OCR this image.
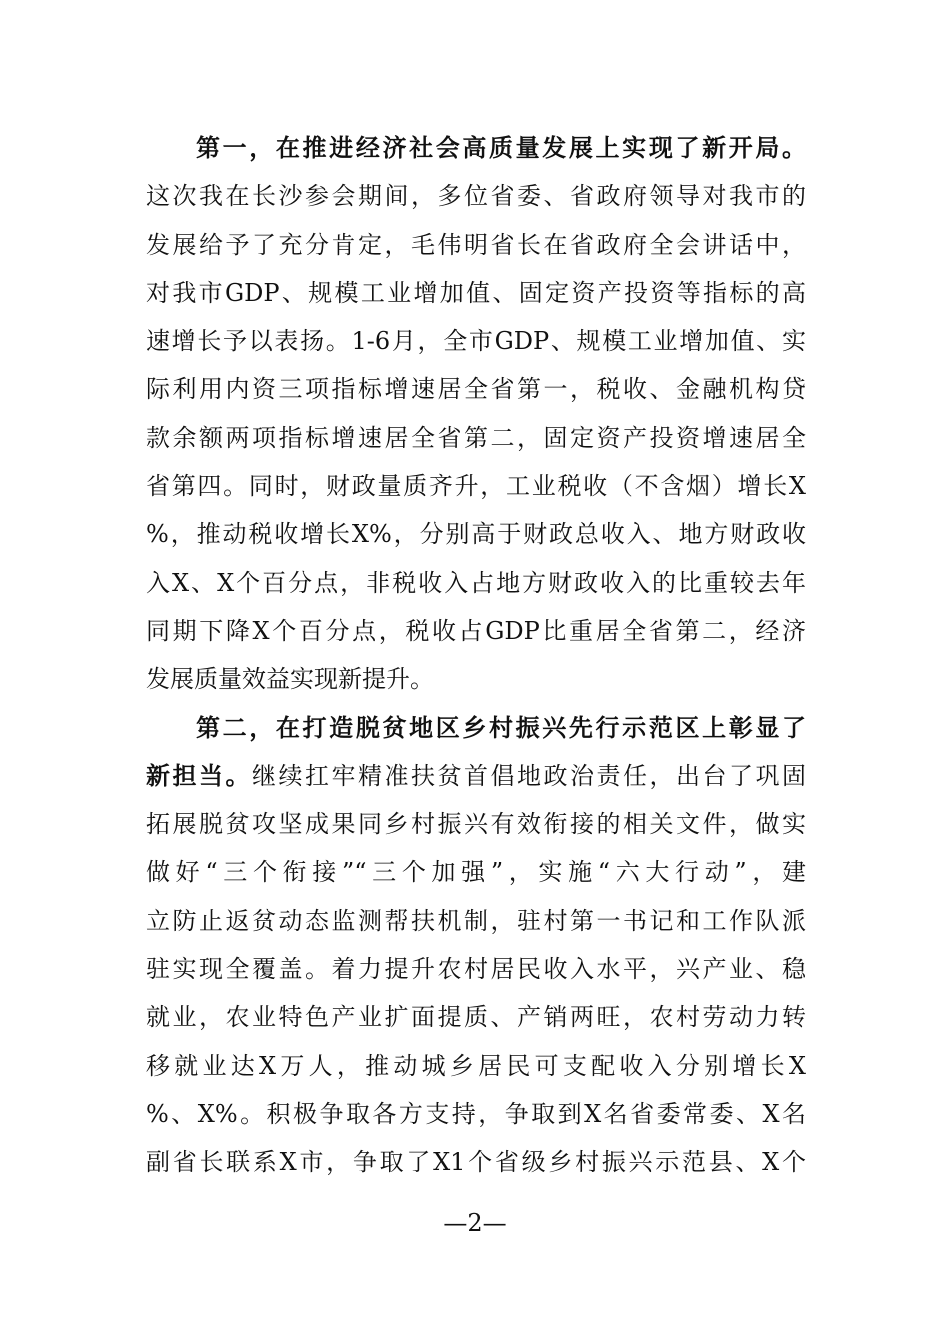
第一，在推进经济社会高质量发展上实现了新开局。
这次我在长沙参会期间，多位省委、省政府领导对我市的
发展给予了充分肯定，毛伟明省长在省政府全会讲话中，
对我市GDP、规模工业增加值、固定资产投资等指标的高
速增长予以表扬。1-6月，全市GDP、规模工业增加值、实
际利用内资三项指标增速居全省第一，税收、金融机构贷
款余额两项指标增速居全省第二，固定资产投资增速居全
省第四。同时，财政量质齐升，工业税收（不含烟）增长X
%，推动税收增长X%，分别高于财政总收入、地方财政收
入X、X个百分点，非税收入占地方财政收入的比重较去年
同期下降X个百分点，税收占GDP比重居全省第二，经济
发展质量效益实现新提升。
第二，在打造脱贫地区乡村振兴先行示范区上彰显了
新担当。继续扛牢精准扶贫首倡地政治责任，出台了巩固
拓展脱贫攻坚成果同乡村振兴有效衔接的相关文件，做实
做好“三个衔接”“三个加强”，实施“六大行动”，建
立防止返贫动态监测帮扶机制，驻村第一书记和工作队派
驻实现全覆盖。着力提升农村居民收入水平，兴产业、稳
就业，农业特色产业扩面提质、产销两旺，农村劳动力转
移就业达X万人，推动城乡居民可支配收入分别增长X
%、X%。积极争取各方支持，争取到X名省委常委、X名
副省长联系X市，争取了X1个省级乡村振兴示范县、X个
—2—
